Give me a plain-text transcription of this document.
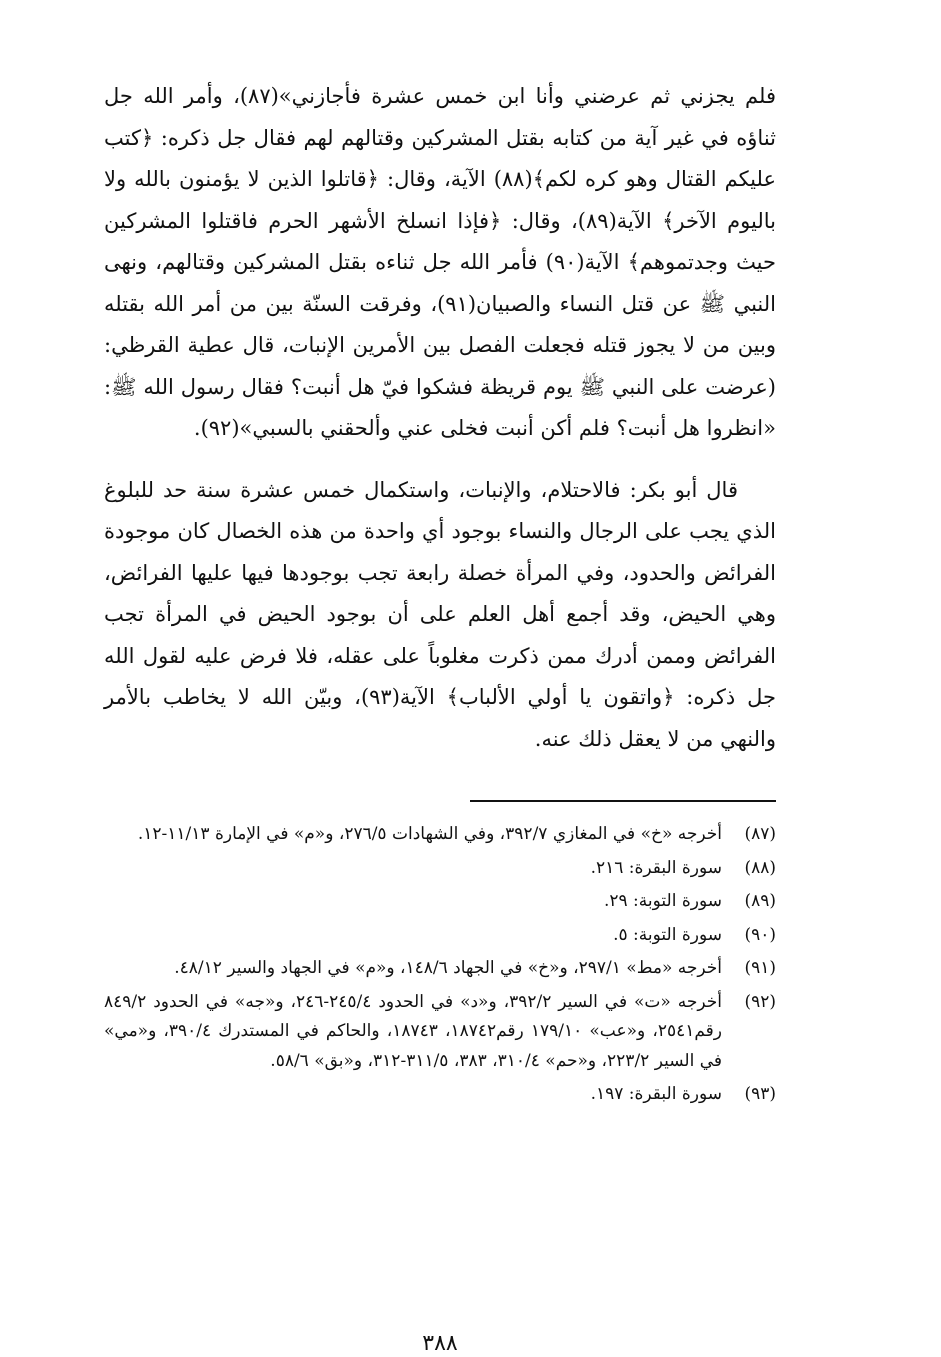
فلم يجزني ثم عرضني وأنا ابن خمس عشرة فأجازني»(٨٧)، وأمر الله جل ثناؤه في غير آية من كتابه بقتل المشركين وقتالهم لهم فقال جل ذكره: ﴿كتب عليكم القتال وهو كره لكم﴾(٨٨) الآية، وقال: ﴿قاتلوا الذين لا يؤمنون بالله ولا باليوم الآخر﴾ الآية(٨٩)، وقال: ﴿فإذا انسلخ الأشهر الحرم فاقتلوا المشركين حيث وجدتموهم﴾ الآية(٩٠) فأمر الله جل ثناءه بقتل المشركين وقتالهم، ونهى النبي ﷺ عن قتل النساء والصبيان(٩١)، وفرقت السنّة بين من أمر الله بقتله وبين من لا يجوز قتله فجعلت الفصل بين الأمرين الإنبات، قال عطية القرظي: (عرضت على النبي ﷺ يوم قريظة فشكوا فيّ هل أنبت؟ فقال رسول الله ﷺ: «انظروا هل أنبت؟ فلم أكن أنبت فخلى عني وألحقني بالسبي»(٩٢).

قال أبو بكر: فالاحتلام، والإنبات، واستكمال خمس عشرة سنة حد للبلوغ الذي يجب على الرجال والنساء بوجود أي واحدة من هذه الخصال كان موجودة الفرائض والحدود، وفي المرأة خصلة رابعة تجب بوجودها فيها عليها الفرائض، وهي الحيض، وقد أجمع أهل العلم على أن بوجود الحيض في المرأة تجب الفرائض وممن أدرك ممن ذكرت مغلوباً على عقله، فلا فرض عليه لقول الله جل ذكره: ﴿واتقون يا أولي الألباب﴾ الآية(٩٣)، وبيّن الله لا يخاطب بالأمر والنهي من لا يعقل ذلك عنه.

(٨٧)
أخرجه «خ» في المغازي ٣٩٢/٧، وفي الشهادات ٢٧٦/٥، و«م» في الإمارة ١١/١٣-١٢.
(٨٨)
سورة البقرة: ٢١٦.
(٨٩)
سورة التوبة: ٢٩.
(٩٠)
سورة التوبة: ٥.
(٩١)
أخرجه «مط» ٢٩٧/١، و«خ» في الجهاد ١٤٨/٦، و«م» في الجهاد والسير ٤٨/١٢.
(٩٢)
أخرجه «ت» في السير ٣٩٢/٢، و«د» في الحدود ٢٤٥/٤-٢٤٦، و«جه» في الحدود ٨٤٩/٢ رقم٢٥٤١، و«عب» ١٧٩/١٠ رقم١٨٧٤٢، ١٨٧٤٣، والحاكم في المستدرك ٣٩٠/٤، و«مي» في السير ٢٢٣/٢، و«حم» ٣١٠/٤، ٣٨٣، ٣١١/٥-٣١٢، و«بق» ٥٨/٦.
(٩٣)
سورة البقرة: ١٩٧.
٣٨٨
